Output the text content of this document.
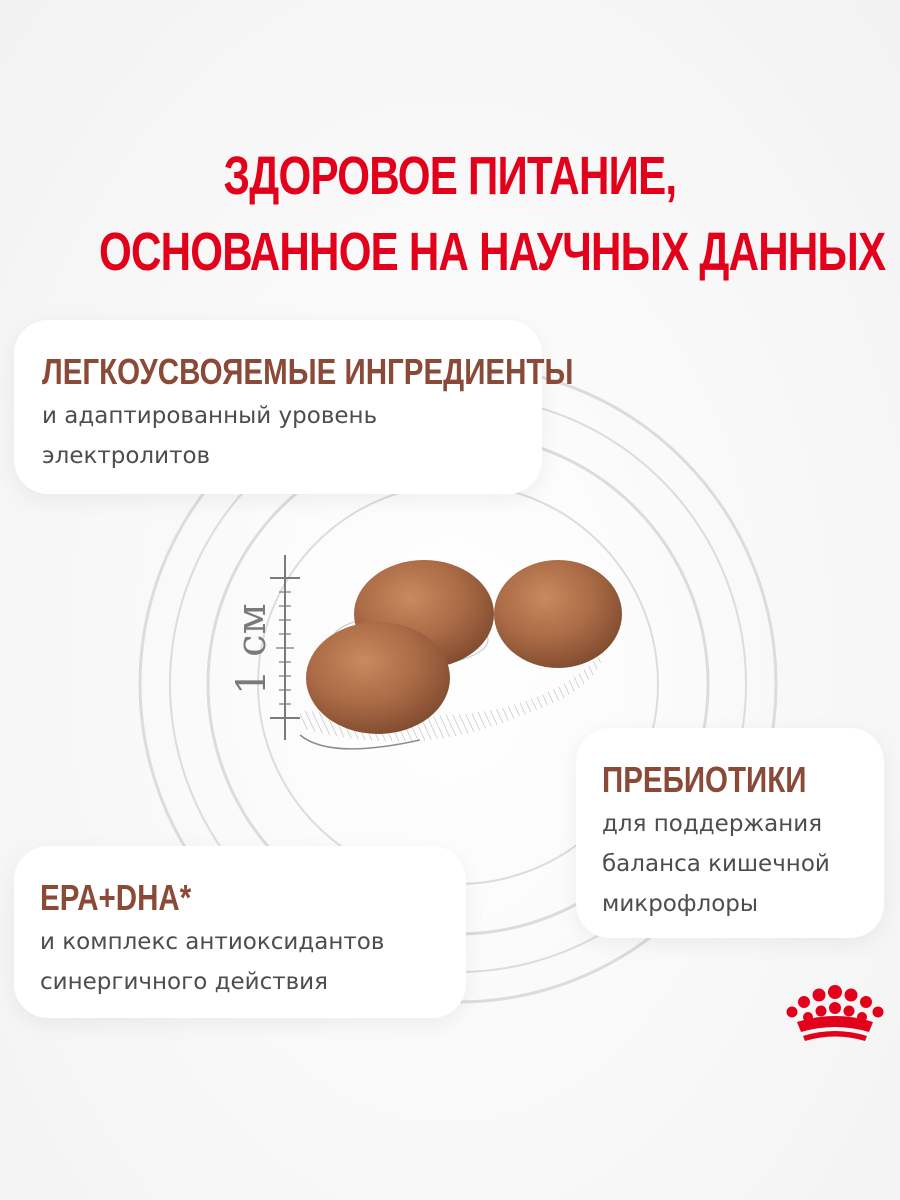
1 см
ЗДОРОВОЕ ПИТАНИЕ,
ОСНОВАННОЕ НА НАУЧНЫХ ДАННЫХ
ЛЕГКОУСВОЯЕМЫЕ ИНГРЕДИЕНТЫ
и адаптированный уровень
электролитов
ПРЕБИОТИКИ
для поддержания
баланса кишечной
микрофлоры
EPA+DHA*
и комплекс антиоксидантов
синергичного действия
